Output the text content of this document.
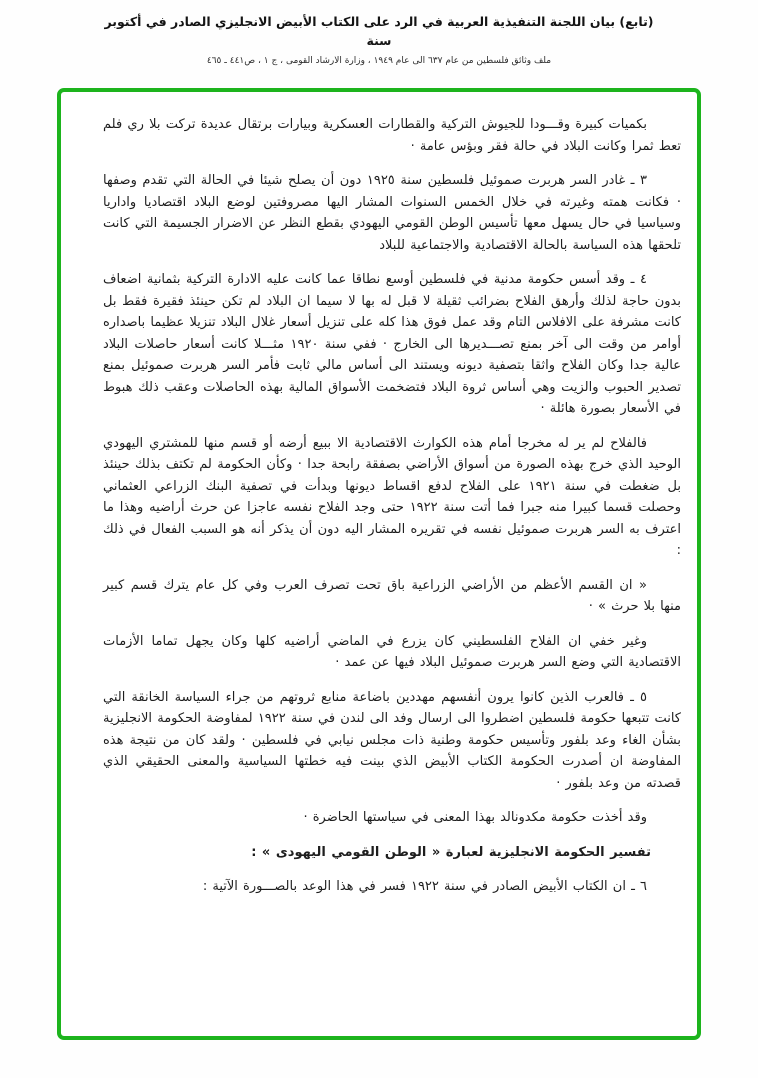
(تابع) بيان اللجنة التنفيذية العربية في الرد على الكتاب الأبيض الانجليزي الصادر في أكتوبر
سنة
ملف وثائق فلسطين من عام ٦٣٧ الى عام ١٩٤٩ ، وزارة الارشاد القومى ، ج ١ ، ص٤٤١ ـ ٤٦٥

بكميات كبيرة وقـــودا للجيوش التركية والقطارات العسكرية وبيارات برتقال عديدة تركت بلا ري فلم تعط ثمرا وكانت البلاد في حالة فقر وبؤس عامة ·

٣ ـ غادر السر هربرت صموئيل فلسطين سنة ١٩٢٥ دون أن يصلح شيئا في الحالة التي تقدم وصفها · فكانت همته وغيرته في خلال الخمس السنوات المشار اليها مصروفتين لوضع البلاد اقتصاديا واداريا وسياسيا في حال يسهل معها تأسيس الوطن القومي اليهودي بقطع النظر عن الاضرار الجسيمة التي كانت تلحقها هذه السياسة بالحالة الاقتصادية والاجتماعية للبلاد

٤ ـ وقد أسس حكومة مدنية في فلسطين أوسع نطاقا عما كانت عليه الادارة التركية بثمانية اضعاف بدون حاجة لذلك وأرهق الفلاح بضرائب ثقيلة لا قبل له بها لا سيما ان البلاد لم تكن حينئذ فقيرة فقط بل كانت مشرفة على الافلاس التام وقد عمل فوق هذا كله على تنزيل أسعار غلال البلاد تنزيلا عظيما باصداره أوامر من وقت الى آخر بمنع تصـــديرها الى الخارج · ففي سنة ١٩٢٠ مثـــلا كانت أسعار حاصلات البلاد عالية جدا وكان الفلاح واثقا بتصفية ديونه ويستند الى أساس مالي ثابت فأمر السر هربرت صموئيل بمنع تصدير الحبوب والزيت وهي أساس ثروة البلاد فتضخمت الأسواق المالية بهذه الحاصلات وعقب ذلك هبوط في الأسعار بصورة هائلة ·

فالفلاح لم ير له مخرجا أمام هذه الكوارث الاقتصادية الا ببيع أرضه أو قسم منها للمشتري اليهودي الوحيد الذي خرج بهذه الصورة من أسواق الأراضي بصفقة رابحة جدا · وكأن الحكومة لم تكتف بذلك حينئذ بل ضغطت في سنة ١٩٢١ على الفلاح لدفع اقساط ديونها وبدأت في تصفية البنك الزراعي العثماني وحصلت قسما كبيرا منه جبرا فما أتت سنة ١٩٢٢ حتى وجد الفلاح نفسه عاجزا عن حرث أراضيه وهذا ما اعترف به السر هربرت صموئيل نفسه في تقريره المشار اليه دون أن يذكر أنه هو السبب الفعال في ذلك :

« ان القسم الأعظم من الأراضي الزراعية باق تحت تصرف العرب وفي كل عام يترك قسم كبير منها بلا حرث » ·

وغير خفي ان الفلاح الفلسطيني كان يزرع في الماضي أراضيه كلها وكان يجهل تماما الأزمات الاقتصادية التي وضع السر هربرت صموئيل البلاد فيها عن عمد ·

٥ ـ فالعرب الذين كانوا يرون أنفسهم مهددين باضاعة منابع ثروتهم من جراء السياسة الخانقة التي كانت تتبعها حكومة فلسطين اضطروا الى ارسال وفد الى لندن في سنة ١٩٢٢ لمفاوضة الحكومة الانجليزية بشأن الغاء وعد بلفور وتأسيس حكومة وطنية ذات مجلس نيابي في فلسطين · ولقد كان من نتيجة هذه المفاوضة ان أصدرت الحكومة الكتاب الأبيض الذي بينت فيه خطتها السياسية والمعنى الحقيقي الذي قصدته من وعد بلفور ·

وقد أخذت حكومة مكدونالد بهذا المعنى في سياستها الحاضرة ·

تفسير الحكومة الانجليزية لعبارة « الوطن القومي اليهودى » :

٦ ـ ان الكتاب الأبيض الصادر في سنة ١٩٢٢ فسر في هذا الوعد بالصـــورة الآتية :
